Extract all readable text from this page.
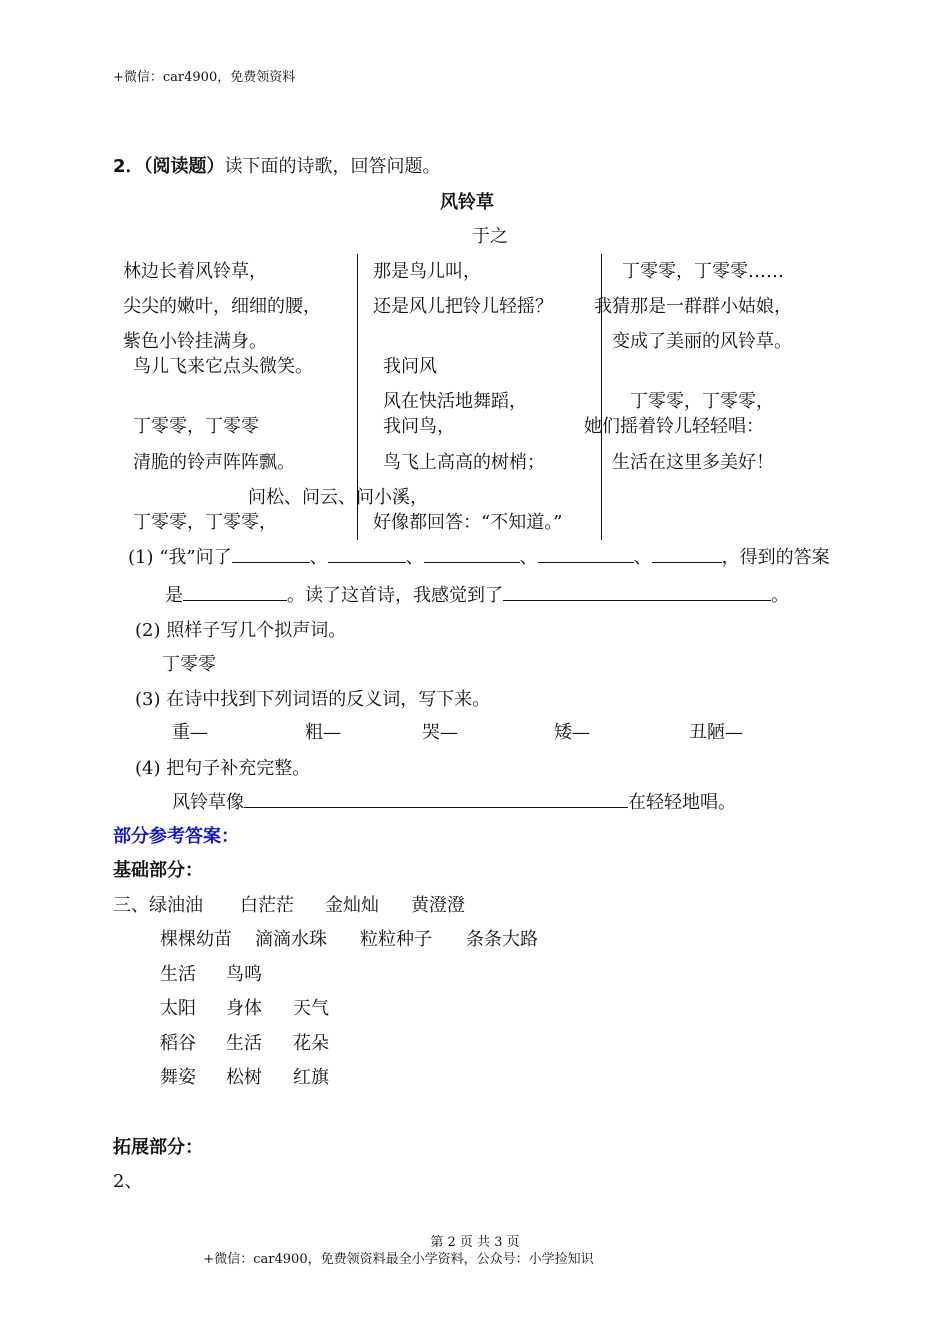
+微信：car4900，免费领资料
2．（阅读题）读下面的诗歌，回答问题。
风铃草
于之
林边长着风铃草，
尖尖的嫩叶，细细的腰，
紫色小铃挂满身。
鸟儿飞来它点头微笑。
丁零零，丁零零
清脆的铃声阵阵飘。
问松、问云、问小溪，
丁零零，丁零零，
那是鸟儿叫，
还是风儿把铃儿轻摇？
我问风
风在快活地舞蹈，
我问鸟，
鸟飞上高高的树梢；
好像都回答：“不知道。”
丁零零，丁零零……
我猜那是一群群小姑娘，
变成了美丽的风铃草。
丁零零，丁零零，
她们摇着铃儿轻轻唱：
生活在这里多美好！
(1) “我”问了	、	、	、	、	，得到的答案
是	。读了这首诗，我感觉到了	。
(2) 照样子写几个拟声词。
丁零零
(3) 在诗中找到下列词语的反义词，写下来。
重—	粗—	哭—	矮—	丑陋—
(4) 把句子补充完整。
风铃草像	在轻轻地唱。
部分参考答案：
基础部分：
三、绿油油 白茫茫 金灿灿 黄澄澄
棵棵幼苗 滴滴水珠 粒粒种子 条条大路
生活 鸟鸣
太阳 身体 天气
稻谷 生活 花朵
舞姿 松树 红旗
拓展部分：
2、
第 2 页 共 3 页
+微信：car4900，免费领资料最全小学资料，公众号：小学捡知识
